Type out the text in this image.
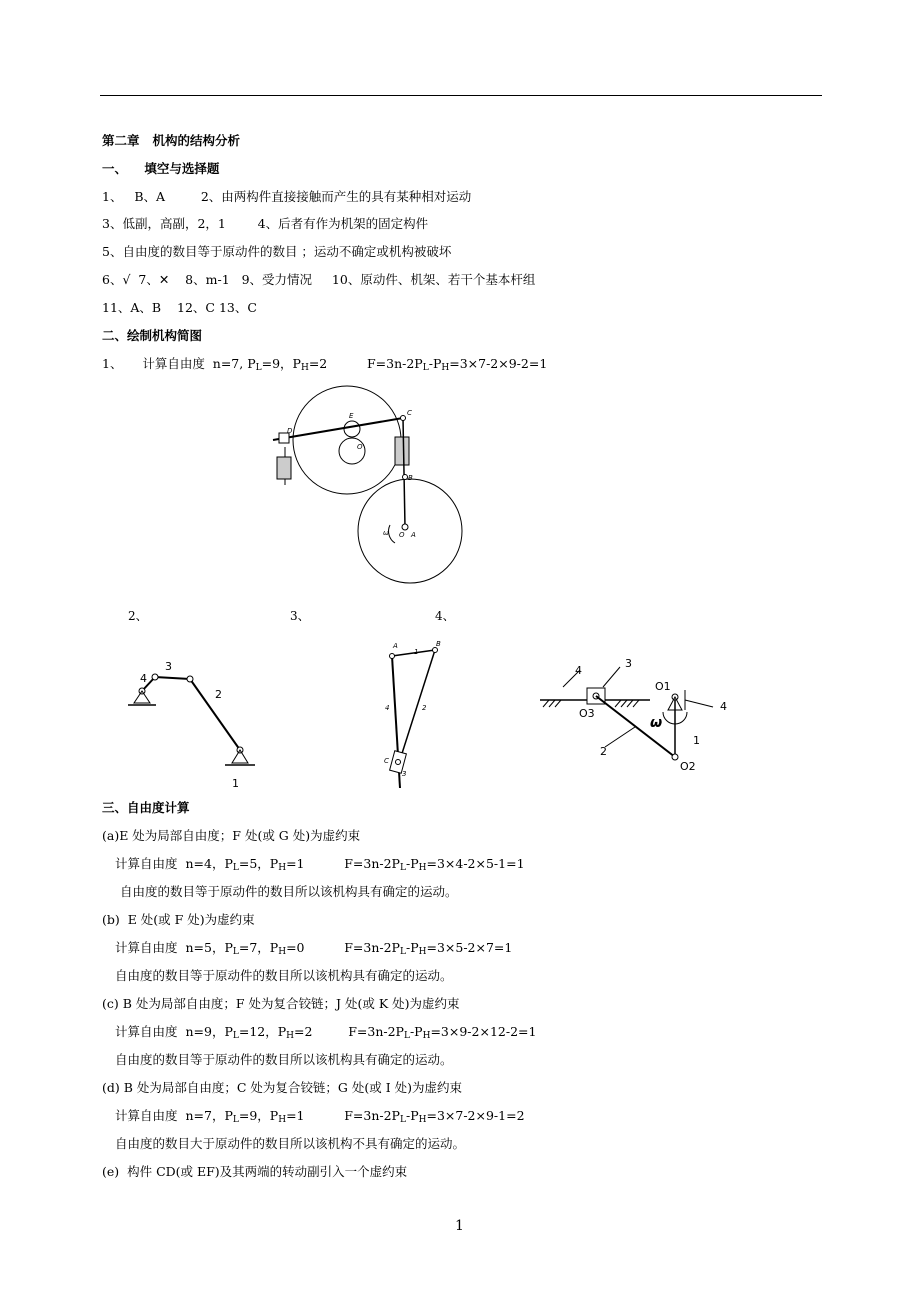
第二章   机构的结构分析
一、    填空与选择题
1、   B、A         2、由两构件直接接触而产生的具有某种相对运动
3、低副，高副，2，1        4、后者有作为机架的固定构件
5、自由度的数目等于原动件的数目 ；运动不确定或机构被破坏
6、√  7、✕    8、m-1   9、受力情况     10、原动件、机架、若干个基本杆组
11、A、B    12、C 13、C
二、绘制机构简图
1、     计算自由度  n=7, $P_L=9$，$P_H=2$          $F=3n-2P_L-P_H=3\times 7-2\times 9-2=1$
D
E
O'
C
B
A
O
ω
2、	3、	4、
4
3
2
1
A	B
1
4	2
C
3
4
3
O1
4
O3
ω
1
2
O2
三、自由度计算
(a)E 处为局部自由度；F 处(或 G 处)为虚约束
计算自由度  n=4，$P_L=5$，$P_H=1$          $F=3n-2P_L-P_H=3\times 4-2\times 5-1=1$
自由度的数目等于原动件的数目所以该机构具有确定的运动。
(b)  E 处(或 F 处)为虚约束
计算自由度  n=5，$P_L=7$，$P_H=0$          $F=3n-2P_L-P_H=3\times 5-2\times 7=1$
自由度的数目等于原动件的数目所以该机构具有确定的运动。
(c) B 处为局部自由度；F 处为复合铰链；J 处(或 K 处)为虚约束
计算自由度  n=9，$P_L=12$，$P_H=2$         $F=3n-2P_L-P_H=3\times 9-2\times 12-2=1$
自由度的数目等于原动件的数目所以该机构具有确定的运动。
(d) B 处为局部自由度；C 处为复合铰链；G 处(或 I 处)为虚约束
计算自由度  n=7，$P_L=9$，$P_H=1$          $F=3n-2P_L-P_H=3\times 7-2\times 9-1=2$
自由度的数目大于原动件的数目所以该机构不具有确定的运动。
(e)  构件 CD(或 EF)及其两端的转动副引入一个虚约束
1
